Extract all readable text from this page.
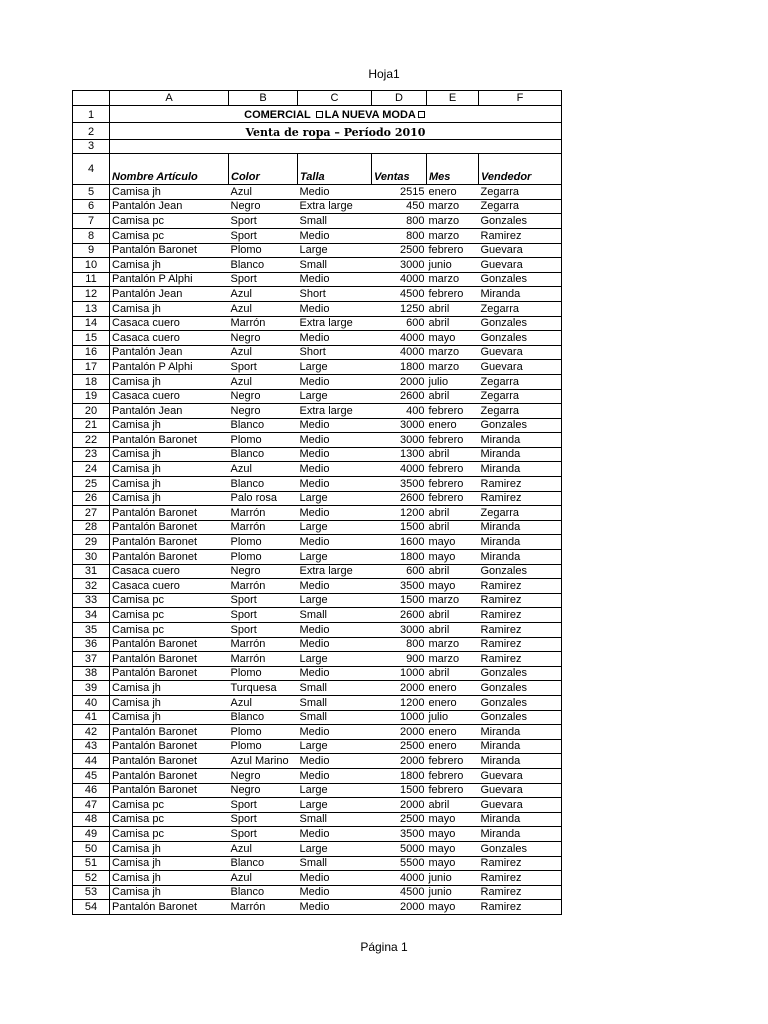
Hoja1
	A	B	C	D	E	F
1	COMERCIAL LA NUEVA MODA					
2	Venta de ropa – Período 2010					
3						
4	Nombre Artículo	Color	Talla	Ventas	Mes	Vendedor
5	Camisa jh	Azul	Medio	2515	enero	Zegarra
6	Pantalón Jean	Negro	Extra large	450	marzo	Zegarra
7	Camisa pc	Sport	Small	800	marzo	Gonzales
8	Camisa pc	Sport	Medio	800	marzo	Ramirez
9	Pantalón Baronet	Plomo	Large	2500	febrero	Guevara
10	Camisa jh	Blanco	Small	3000	junio	Guevara
11	Pantalón P Alphi	Sport	Medio	4000	marzo	Gonzales
12	Pantalón Jean	Azul	Short	4500	febrero	Miranda
13	Camisa jh	Azul	Medio	1250	abril	Zegarra
14	Casaca cuero	Marrón	Extra large	600	abril	Gonzales
15	Casaca cuero	Negro	Medio	4000	mayo	Gonzales
16	Pantalón Jean	Azul	Short	4000	marzo	Guevara
17	Pantalón P Alphi	Sport	Large	1800	marzo	Guevara
18	Camisa jh	Azul	Medio	2000	julio	Zegarra
19	Casaca cuero	Negro	Large	2600	abril	Zegarra
20	Pantalón Jean	Negro	Extra large	400	febrero	Zegarra
21	Camisa jh	Blanco	Medio	3000	enero	Gonzales
22	Pantalón Baronet	Plomo	Medio	3000	febrero	Miranda
23	Camisa jh	Blanco	Medio	1300	abril	Miranda
24	Camisa jh	Azul	Medio	4000	febrero	Miranda
25	Camisa jh	Blanco	Medio	3500	febrero	Ramirez
26	Camisa jh	Palo rosa	Large	2600	febrero	Ramirez
27	Pantalón Baronet	Marrón	Medio	1200	abril	Zegarra
28	Pantalón Baronet	Marrón	Large	1500	abril	Miranda
29	Pantalón Baronet	Plomo	Medio	1600	mayo	Miranda
30	Pantalón Baronet	Plomo	Large	1800	mayo	Miranda
31	Casaca cuero	Negro	Extra large	600	abril	Gonzales
32	Casaca cuero	Marrón	Medio	3500	mayo	Ramirez
33	Camisa pc	Sport	Large	1500	marzo	Ramirez
34	Camisa pc	Sport	Small	2600	abril	Ramirez
35	Camisa pc	Sport	Medio	3000	abril	Ramirez
36	Pantalón Baronet	Marrón	Medio	800	marzo	Ramirez
37	Pantalón Baronet	Marrón	Large	900	marzo	Ramirez
38	Pantalón Baronet	Plomo	Medio	1000	abril	Gonzales
39	Camisa jh	Turquesa	Small	2000	enero	Gonzales
40	Camisa jh	Azul	Small	1200	enero	Gonzales
41	Camisa jh	Blanco	Small	1000	julio	Gonzales
42	Pantalón Baronet	Plomo	Medio	2000	enero	Miranda
43	Pantalón Baronet	Plomo	Large	2500	enero	Miranda
44	Pantalón Baronet	Azul Marino	Medio	2000	febrero	Miranda
45	Pantalón Baronet	Negro	Medio	1800	febrero	Guevara
46	Pantalón Baronet	Negro	Large	1500	febrero	Guevara
47	Camisa pc	Sport	Large	2000	abril	Guevara
48	Camisa pc	Sport	Small	2500	mayo	Miranda
49	Camisa pc	Sport	Medio	3500	mayo	Miranda
50	Camisa jh	Azul	Large	5000	mayo	Gonzales
51	Camisa jh	Blanco	Small	5500	mayo	Ramirez
52	Camisa jh	Azul	Medio	4000	junio	Ramirez
53	Camisa jh	Blanco	Medio	4500	junio	Ramirez
54	Pantalón Baronet	Marrón	Medio	2000	mayo	Ramirez
Página 1
